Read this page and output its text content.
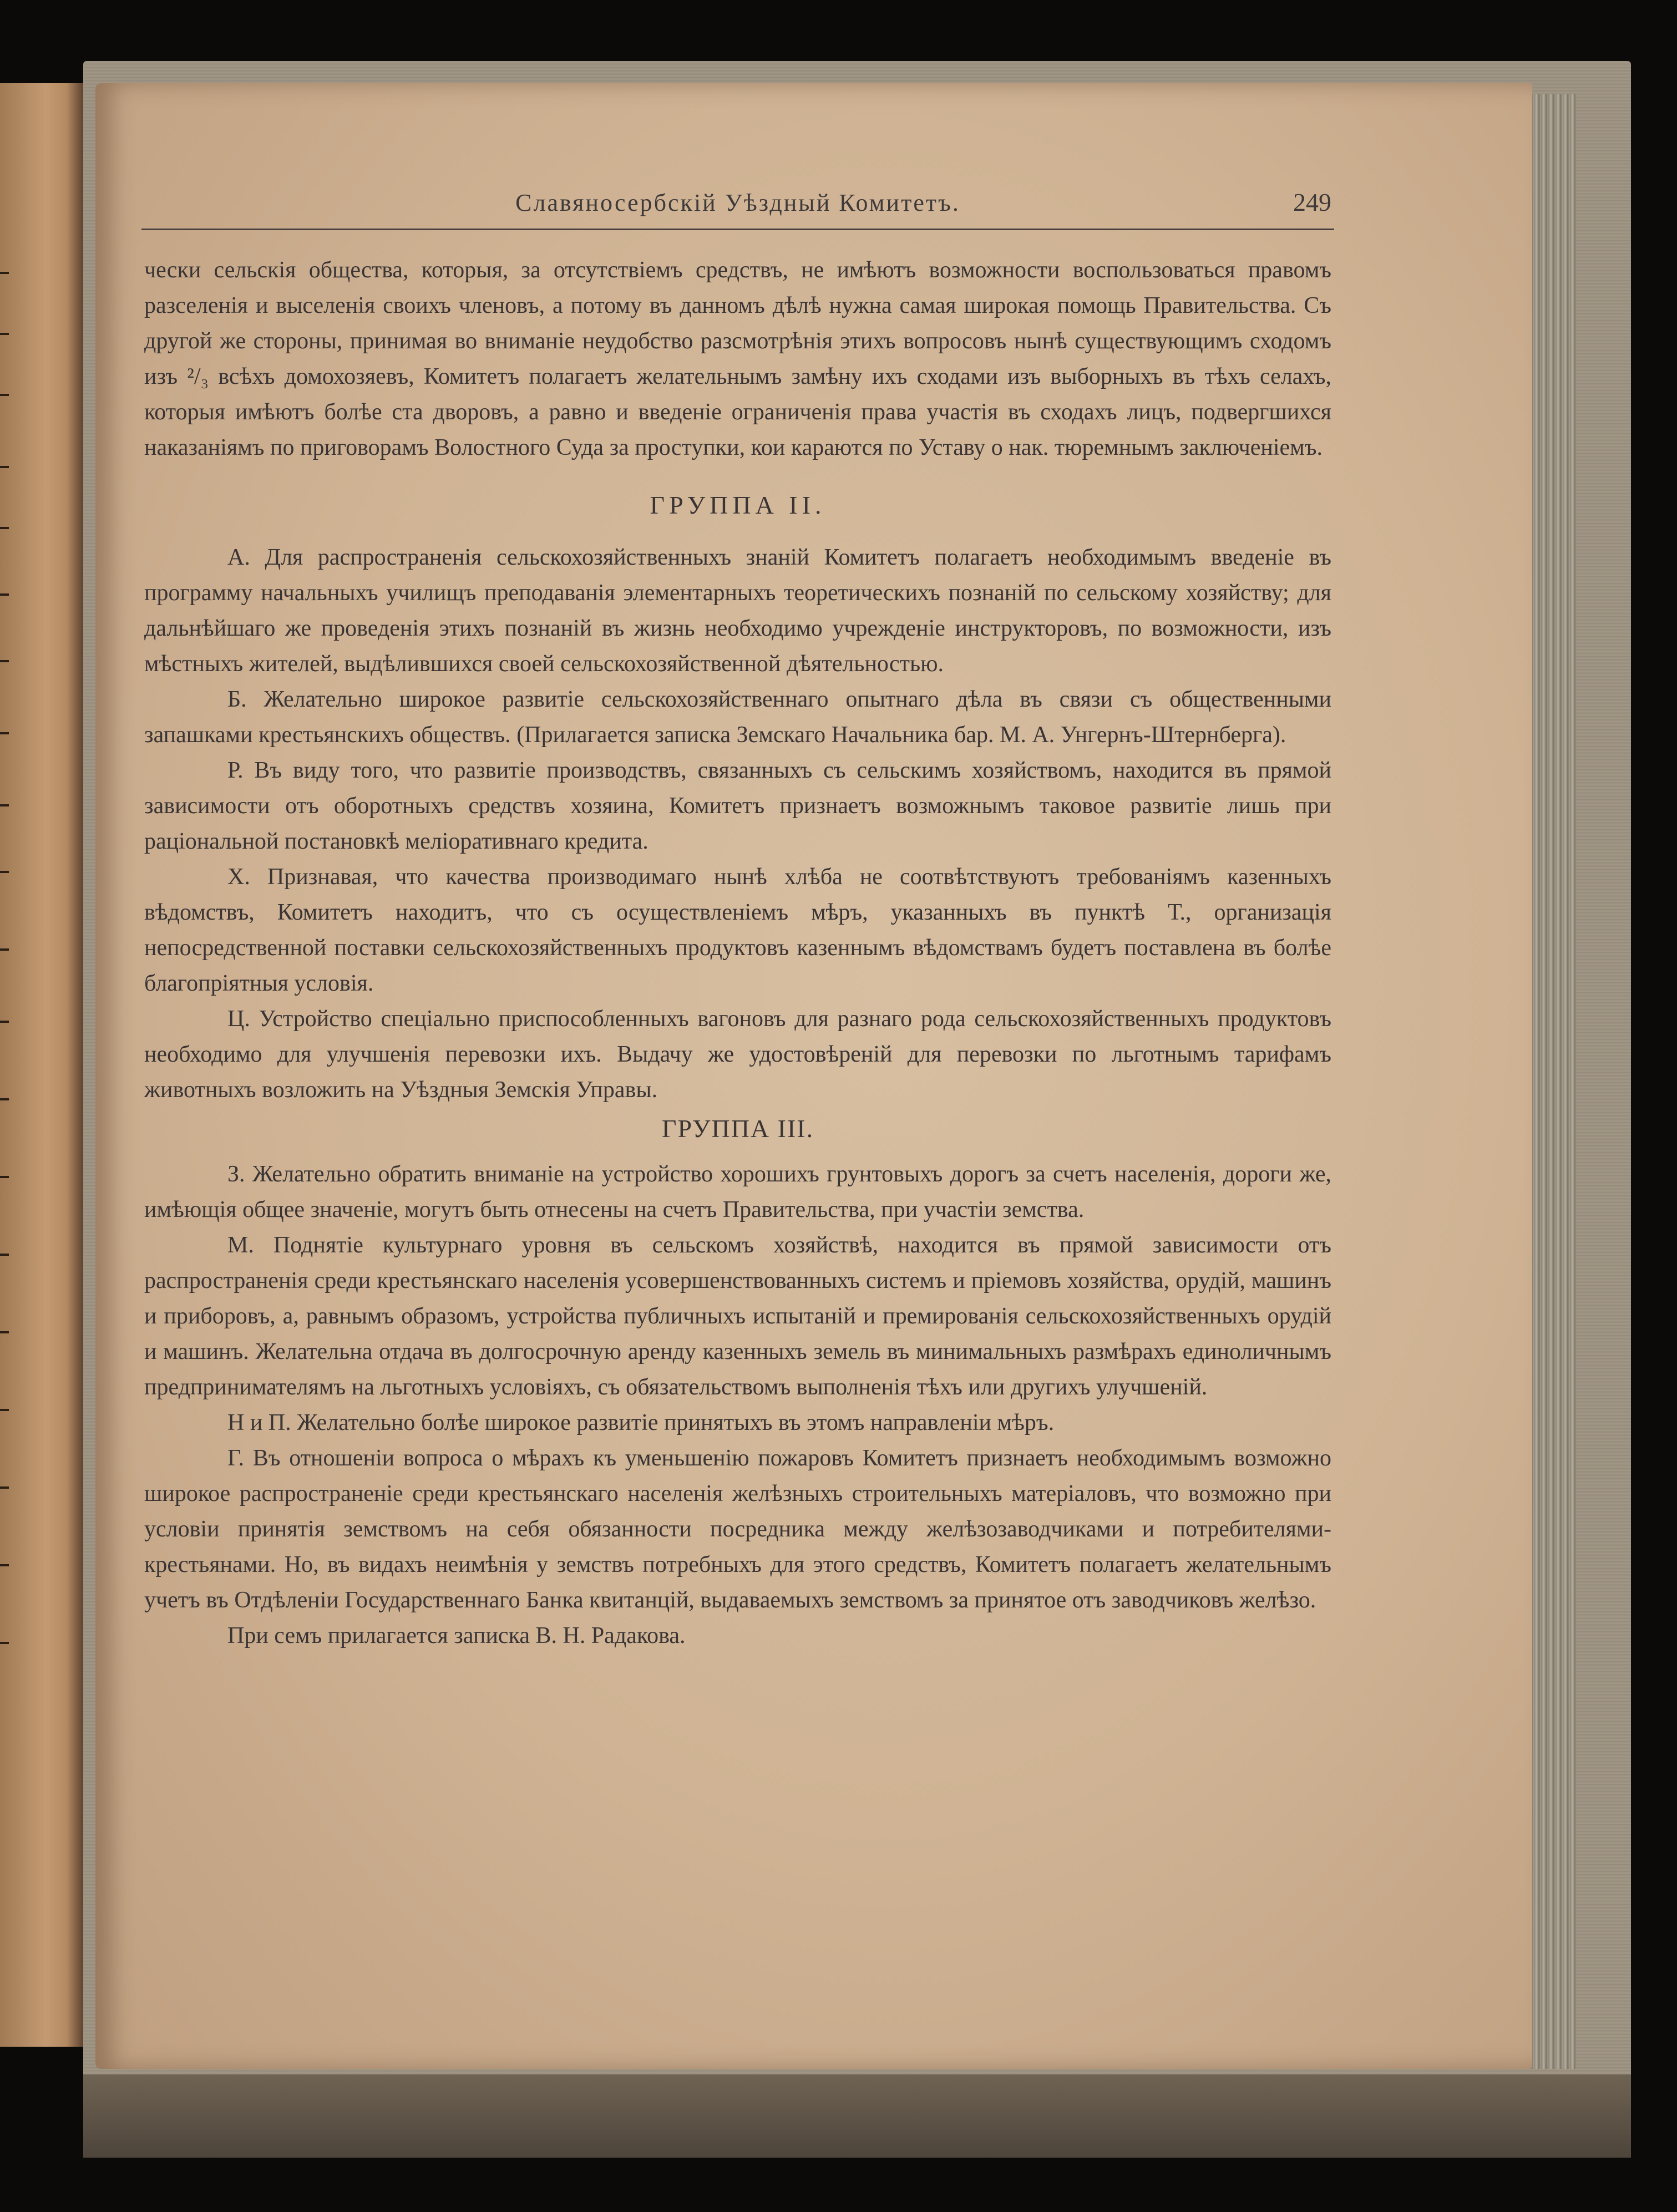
Славяносербскій Уѣздный Комитетъ.	249

чески сельскія общества, которыя, за отсутствіемъ средствъ, не имѣютъ возможности воспользоваться правомъ разселенія и выселенія своихъ членовъ, а потому въ данномъ дѣлѣ нужна самая широкая помощь Правительства. Съ другой же стороны, принимая во вниманіе неудобство разсмотрѣнія этихъ вопросовъ нынѣ существующимъ сходомъ изъ ²/₃ всѣхъ домохозяевъ, Комитетъ полагаетъ желательнымъ замѣну ихъ сходами изъ выборныхъ въ тѣхъ селахъ, которыя имѣютъ болѣе ста дворовъ, а равно и введеніе ограниченія права участія въ сходахъ лицъ, подвергшихся наказаніямъ по приговорамъ Волостного Суда за проступки, кои караются по Уставу о нак. тюремнымъ заключеніемъ.

ГРУППА II.

А. Для распространенія сельскохозяйственныхъ знаній Комитетъ полагаетъ необходимымъ введеніе въ программу начальныхъ училищъ преподаванія элементарныхъ теоретическихъ познаній по сельскому хозяйству; для дальнѣйшаго же проведенія этихъ познаній въ жизнь необходимо учрежденіе инструкторовъ, по возможности, изъ мѣстныхъ жителей, выдѣлившихся своей сельскохозяйственной дѣятельностью.

Б. Желательно широкое развитіе сельскохозяйственнаго опытнаго дѣла въ связи съ общественными запашками крестьянскихъ обществъ. (Прилагается записка Земскаго Начальника бар. М. А. Унгернъ-Штернберга).

Р. Въ виду того, что развитіе производствъ, связанныхъ съ сельскимъ хозяйствомъ, находится въ прямой зависимости отъ оборотныхъ средствъ хозяина, Комитетъ признаетъ возможнымъ таковое развитіе лишь при раціональной постановкѣ меліоративнаго кредита.

Х. Признавая, что качества производимаго нынѣ хлѣба не соотвѣтствуютъ требованіямъ казенныхъ вѣдомствъ, Комитетъ находитъ, что съ осуществленіемъ мѣръ, указанныхъ въ пунктѣ Т., организація непосредственной поставки сельскохозяйственныхъ продуктовъ казеннымъ вѣдомствамъ будетъ поставлена въ болѣе благопріятныя условія.

Ц. Устройство спеціально приспособленныхъ вагоновъ для разнаго рода сельскохозяйственныхъ продуктовъ необходимо для улучшенія перевозки ихъ. Выдачу же удостовѣреній для перевозки по льготнымъ тарифамъ животныхъ возложить на Уѣздныя Земскія Управы.

ГРУППА III.

З. Желательно обратить вниманіе на устройство хорошихъ грунтовыхъ дорогъ за счетъ населенія, дороги же, имѣющія общее значеніе, могутъ быть отнесены на счетъ Правительства, при участіи земства.

М. Поднятіе культурнаго уровня въ сельскомъ хозяйствѣ, находится въ прямой зависимости отъ распространенія среди крестьянскаго населенія усовершенствованныхъ системъ и пріемовъ хозяйства, орудій, машинъ и приборовъ, а, равнымъ образомъ, устройства публичныхъ испытаній и премированія сельскохозяйственныхъ орудій и машинъ. Желательна отдача въ долгосрочную аренду казенныхъ земель въ минимальныхъ размѣрахъ единоличнымъ предпринимателямъ на льготныхъ условіяхъ, съ обязательствомъ выполненія тѣхъ или другихъ улучшеній.

Н и П. Желательно болѣе широкое развитіе принятыхъ въ этомъ направленіи мѣръ.

Г. Въ отношеніи вопроса о мѣрахъ къ уменьшенію пожаровъ Комитетъ признаетъ необходимымъ возможно широкое распространеніе среди крестьянскаго населенія желѣзныхъ строительныхъ матеріаловъ, что возможно при условіи принятія земствомъ на себя обязанности посредника между желѣзозаводчиками и потребителями-крестьянами. Но, въ видахъ неимѣнія у земствъ потребныхъ для этого средствъ, Комитетъ полагаетъ желательнымъ учетъ въ Отдѣленіи Государственнаго Банка квитанцій, выдаваемыхъ земствомъ за принятое отъ заводчиковъ желѣзо.

При семъ прилагается записка В. Н. Радакова.
